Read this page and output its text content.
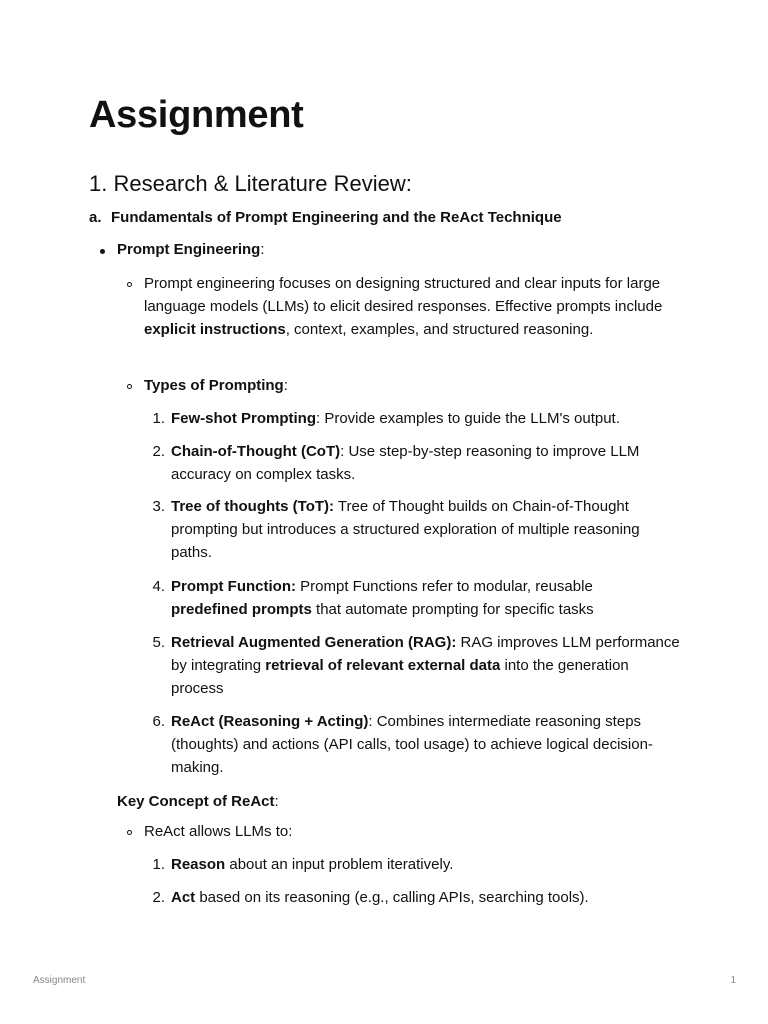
Assignment
1. Research & Literature Review:
a. Fundamentals of Prompt Engineering and the ReAct Technique
Prompt Engineering:
Prompt engineering focuses on designing structured and clear inputs for large language models (LLMs) to elicit desired responses. Effective prompts include explicit instructions, context, examples, and structured reasoning.
Types of Prompting:
1. Few-shot Prompting: Provide examples to guide the LLM's output.
2. Chain-of-Thought (CoT): Use step-by-step reasoning to improve LLM accuracy on complex tasks.
3. Tree of thoughts (ToT): Tree of Thought builds on Chain-of-Thought prompting but introduces a structured exploration of multiple reasoning paths.
4. Prompt Function: Prompt Functions refer to modular, reusable predefined prompts that automate prompting for specific tasks
5. Retrieval Augmented Generation (RAG): RAG improves LLM performance by integrating retrieval of relevant external data into the generation process
6. ReAct (Reasoning + Acting): Combines intermediate reasoning steps (thoughts) and actions (API calls, tool usage) to achieve logical decision-making.
Key Concept of ReAct:
ReAct allows LLMs to:
1. Reason about an input problem iteratively.
2. Act based on its reasoning (e.g., calling APIs, searching tools).
Assignment	1
